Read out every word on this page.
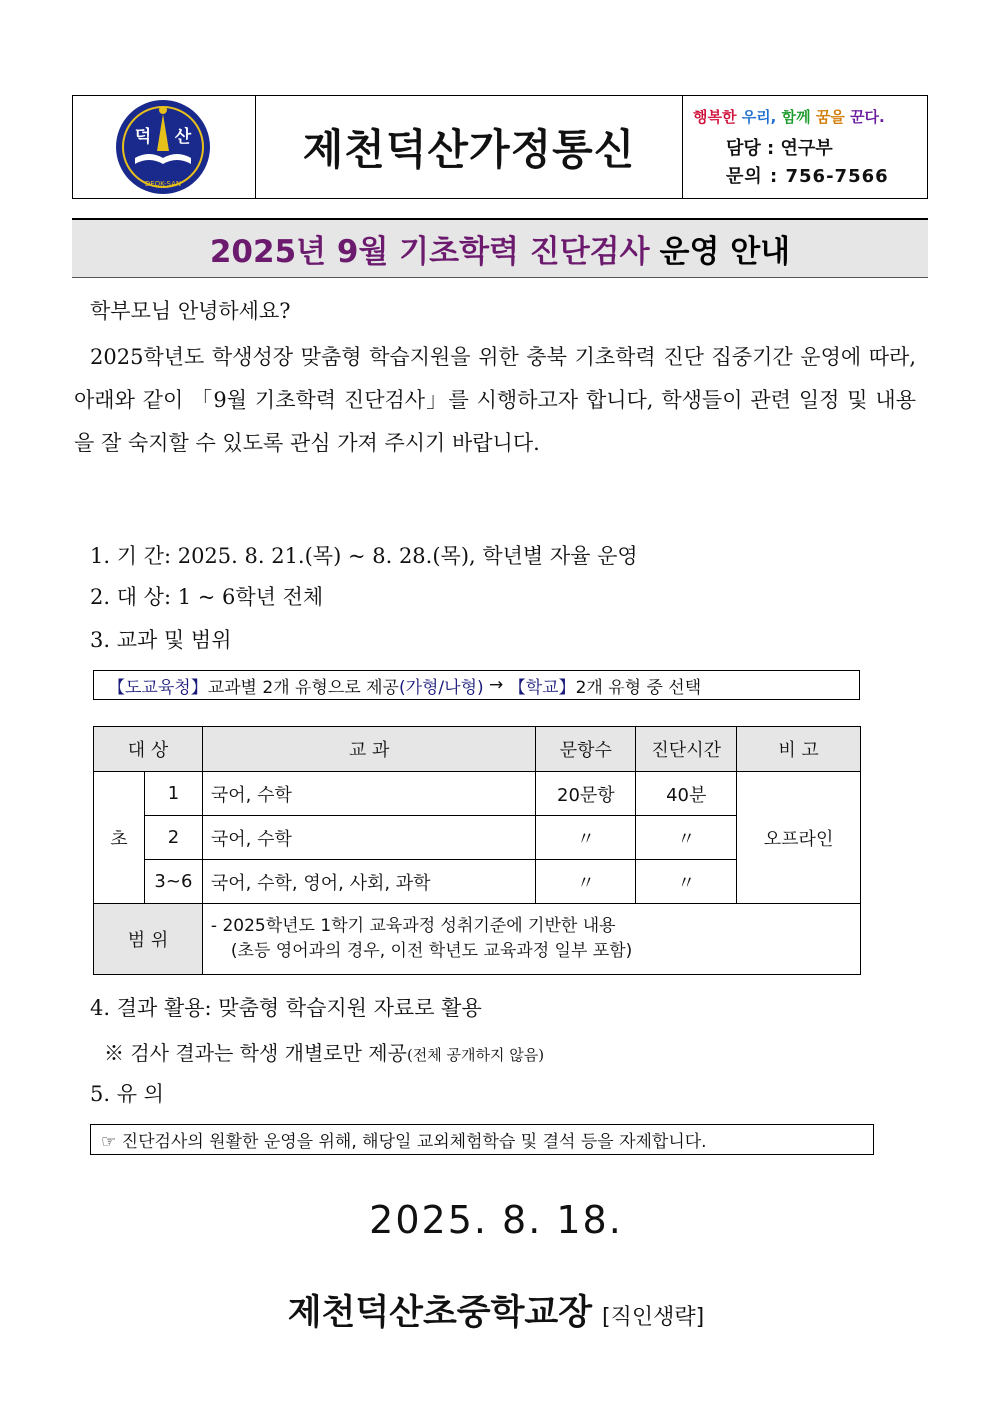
덕 산
DEOK-SAN
제천덕산가정통신
행복한 우리, 함께 꿈을 꾼다.
담당 : 연구부
문의 : 756-7566
2025년 9월 기초학력 진단검사 운영 안내
학부모님 안녕하세요?

2025학년도 학생성장 맞춤형 학습지원을 위한 충북 기초학력 진단 집중기간 운영에 따라, 아래와 같이 「9월 기초학력 진단검사」를 시행하고자 합니다, 학생들이 관련 일정 및 내용을 잘 숙지할 수 있도록 관심 가져 주시기 바랍니다.

1. 기 간: 2025. 8. 21.(목) ~ 8. 28.(목), 학년별 자율 운영
2. 대 상: 1 ~ 6학년 전체
3. 교과 및 범위
【도교육청】 교과별 2개 유형으로 제공 (가형/나형) → 【학교】 2개 유형 중 선택
대 상		교 과	문항수	진단시간	비 고
초	1	국어, 수학	20문항	40분	오프라인
	2	국어, 수학	〃	〃	
	3~6	국어, 수학, 영어, 사회, 과학	〃	〃	
범 위		- 2025학년도 1학기 교육과정 성취기준에 기반한 내용
(초등 영어과의 경우, 이전 학년도 교육과정 일부 포함)			
4. 결과 활용: 맞춤형 학습지원 자료로 활용
※ 검사 결과는 학생 개별로만 제공(전체 공개하지 않음)
5. 유 의
☞ 진단검사의 원활한 운영을 위해, 해당일 교외체험학습 및 결석 등을 자제합니다.
2025. 8. 18.
제천덕산초중학교장 [직인생략]
